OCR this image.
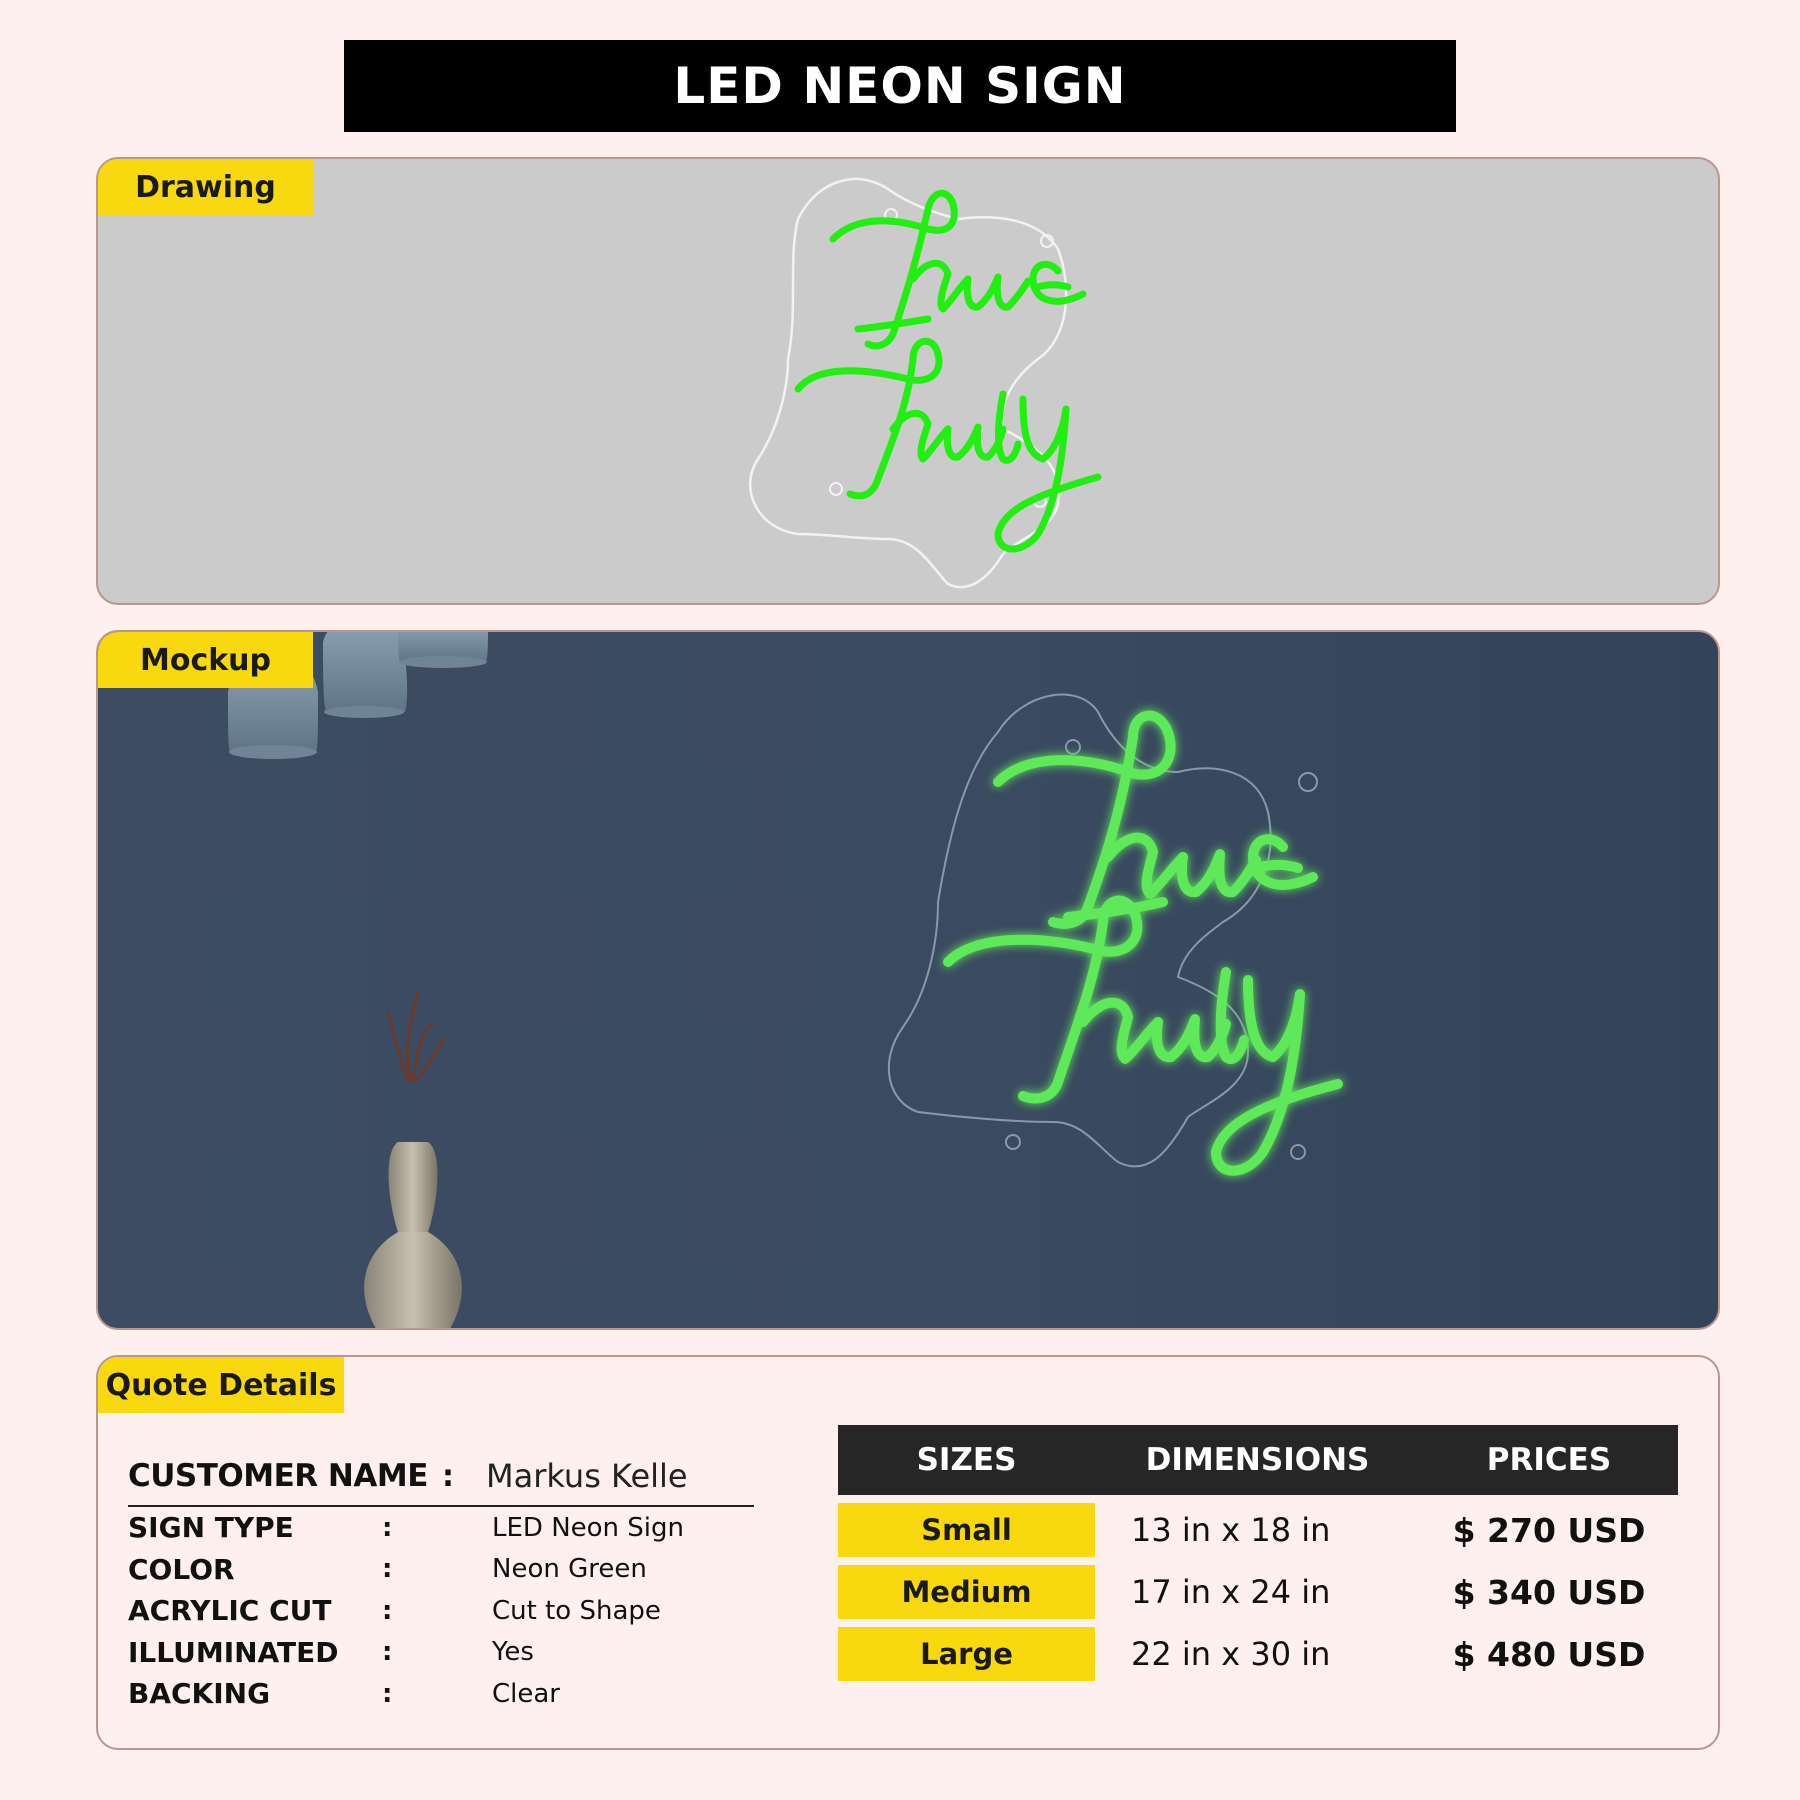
LED NEON SIGN
Drawing
Mockup
Quote Details
CUSTOMER NAME :	Markus Kelle
SIGN TYPE	:	LED Neon Sign
COLOR	:	Neon Green
ACRYLIC CUT	:	Cut to Shape
ILLUMINATED	:	Yes
BACKING	:	Clear
SIZES	DIMENSIONS	PRICES
Small	13 in x 18 in	$ 270 USD
Medium	17 in x 24 in	$ 340 USD
Large	22 in x 30 in	$ 480 USD
